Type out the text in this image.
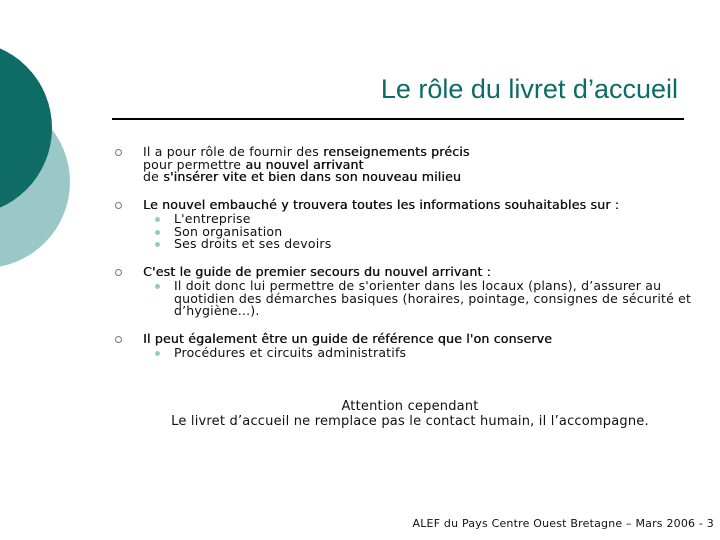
Le rôle du livret d’accueil
Il a pour rôle de fournir des renseignements précis
pour permettre au nouvel arrivant
de s'insérer vite et bien dans son nouveau milieu
Le nouvel embauché y trouvera toutes les informations souhaitables sur :
L'entreprise
Son organisation
Ses droits et ses devoirs
C'est le guide de premier secours du nouvel arrivant :
Il doit donc lui permettre de s'orienter dans les locaux (plans), d’assurer au quotidien des démarches basiques (horaires, pointage, consignes de sécurité et d’hygiène...).
Il peut également être un guide de référence que l'on conserve
Procédures et circuits administratifs
Attention cependant
Le livret d’accueil ne remplace pas le contact humain, il l’accompagne.
ALEF du Pays Centre Ouest Bretagne – Mars 2006 - 3
